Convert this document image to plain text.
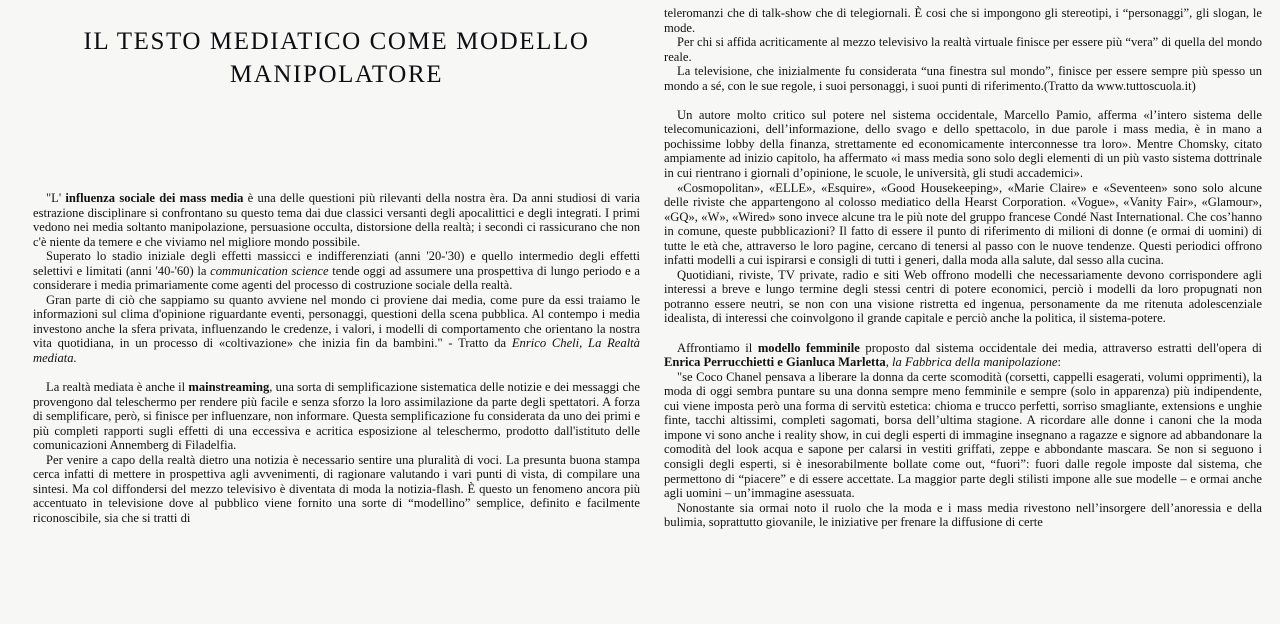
IL TESTO MEDIATICO COME MODELLO MANIPOLATORE
"L' influenza sociale dei mass media è una delle questioni più rilevanti della nostra èra. Da anni studiosi di varia estrazione disciplinare si confrontano su questo tema dai due classici versanti degli apocalittici e degli integrati. I primi vedono nei media soltanto manipolazione, persuasione occulta, distorsione della realtà; i secondi ci rassicurano che non c'è niente da temere e che viviamo nel migliore mondo possibile.
Superato lo stadio iniziale degli effetti massicci e indifferenziati (anni '20-'30) e quello intermedio degli effetti selettivi e limitati (anni '40-'60) la communication science tende oggi ad assumere una prospettiva di lungo periodo e a considerare i media primariamente come agenti del processo di costruzione sociale della realtà.
Gran parte di ciò che sappiamo su quanto avviene nel mondo ci proviene dai media, come pure da essi traiamo le informazioni sul clima d'opinione riguardante eventi, personaggi, questioni della scena pubblica. Al contempo i media investono anche la sfera privata, influenzando le credenze, i valori, i modelli di comportamento che orientano la nostra vita quotidiana, in un processo di «coltivazione» che inizia fin da bambini." - Tratto da Enrico Cheli, La Realtà mediata.
La realtà mediata è anche il mainstreaming, una sorta di semplificazione sistematica delle notizie e dei messaggi che provengono dal teleschermo per rendere più facile e senza sforzo la loro assimilazione da parte degli spettatori. A forza di semplificare, però, si finisce per influenzare, non informare. Questa semplificazione fu considerata da uno dei primi e più completi rapporti sugli effetti di una eccessiva e acritica esposizione al teleschermo, prodotto dall'istituto delle comunicazioni Annemberg di Filadelfia.
Per venire a capo della realtà dietro una notizia è necessario sentire una pluralità di voci. La presunta buona stampa cerca infatti di mettere in prospettiva agli avvenimenti, di ragionare valutando i vari punti di vista, di compilare una sintesi. Ma col diffondersi del mezzo televisivo è diventata di moda la notizia-flash. È questo un fenomeno ancora più accentuato in televisione dove al pubblico viene fornito una sorte di “modellino” semplice, definito e facilmente riconoscibile, sia che si tratti di
teleromanzi che di talk-show che di telegiornali. È cosi che si impongono gli stereotipi, i “personaggi”, gli slogan, le mode.
Per chi si affida acriticamente al mezzo televisivo la realtà virtuale finisce per essere più “vera” di quella del mondo reale.
La televisione, che inizialmente fu considerata “una finestra sul mondo”, finisce per essere sempre più spesso un mondo a sé, con le sue regole, i suoi personaggi, i suoi punti di riferimento.(Tratto da www.tuttoscuola.it)
Un autore molto critico sul potere nel sistema occidentale, Marcello Pamio, afferma «l’intero sistema delle telecomunicazioni, dell’informazione, dello svago e dello spettacolo, in due parole i mass media, è in mano a pochissime lobby della finanza, strettamente ed economicamente interconnesse tra loro». Mentre Chomsky, citato ampiamente ad inizio capitolo, ha affermato «i mass media sono solo degli elementi di un più vasto sistema dottrinale in cui rientrano i giornali d’opinione, le scuole, le università, gli studi accademici».
«Cosmopolitan», «ELLE», «Esquire», «Good Housekeeping», «Marie Claire» e «Seventeen» sono solo alcune delle riviste che appartengono al colosso mediatico della Hearst Corporation. «Vogue», «Vanity Fair», «Glamour», «GQ», «W», «Wired» sono invece alcune tra le più note del gruppo francese Condé Nast International. Che cos’hanno in comune, queste pubblicazioni? Il fatto di essere il punto di riferimento di milioni di donne (e ormai di uomini) di tutte le età che, attraverso le loro pagine, cercano di tenersi al passo con le nuove tendenze. Questi periodici offrono infatti modelli a cui ispirarsi e consigli di tutti i generi, dalla moda alla salute, dal sesso alla cucina.
Quotidiani, riviste, TV private, radio e siti Web offrono modelli che necessariamente devono corrispondere agli interessi a breve e lungo termine degli stessi centri di potere economici, perciò i modelli da loro propugnati non potranno essere neutri, se non con una visione ristretta ed ingenua, personamente da me ritenuta adolescenziale idealista, di interessi che coinvolgono il grande capitale e perciò anche la politica, il sistema-potere.
Affrontiamo il modello femminile proposto dal sistema occidentale dei media, attraverso estratti dell'opera di Enrica Perrucchietti e Gianluca Marletta, la Fabbrica della manipolazione:
"se Coco Chanel pensava a liberare la donna da certe scomodità (corsetti, cappelli esagerati, volumi opprimenti), la moda di oggi sembra puntare su una donna sempre meno femminile e sempre (solo in apparenza) più indipendente, cui viene imposta però una forma di servitù estetica: chioma e trucco perfetti, sorriso smagliante, extensions e unghie finte, tacchi altissimi, completi sagomati, borsa dell’ultima stagione. A ricordare alle donne i canoni che la moda impone vi sono anche i reality show, in cui degli esperti di immagine insegnano a ragazze e signore ad abbandonare la comodità del look acqua e sapone per calarsi in vestiti griffati, zeppe e abbondante mascara. Se non si seguono i consigli degli esperti, si è inesorabilmente bollate come out, “fuori”: fuori dalle regole imposte dal sistema, che permettono di “piacere” e di essere accettate. La maggior parte degli stilisti impone alle sue modelle – e ormai anche agli uomini – un’immagine asessuata.
Nonostante sia ormai noto il ruolo che la moda e i mass media rivestono nell’insorgere dell’anoressia e della bulimia, soprattutto giovanile, le iniziative per frenare la diffusione di certe
